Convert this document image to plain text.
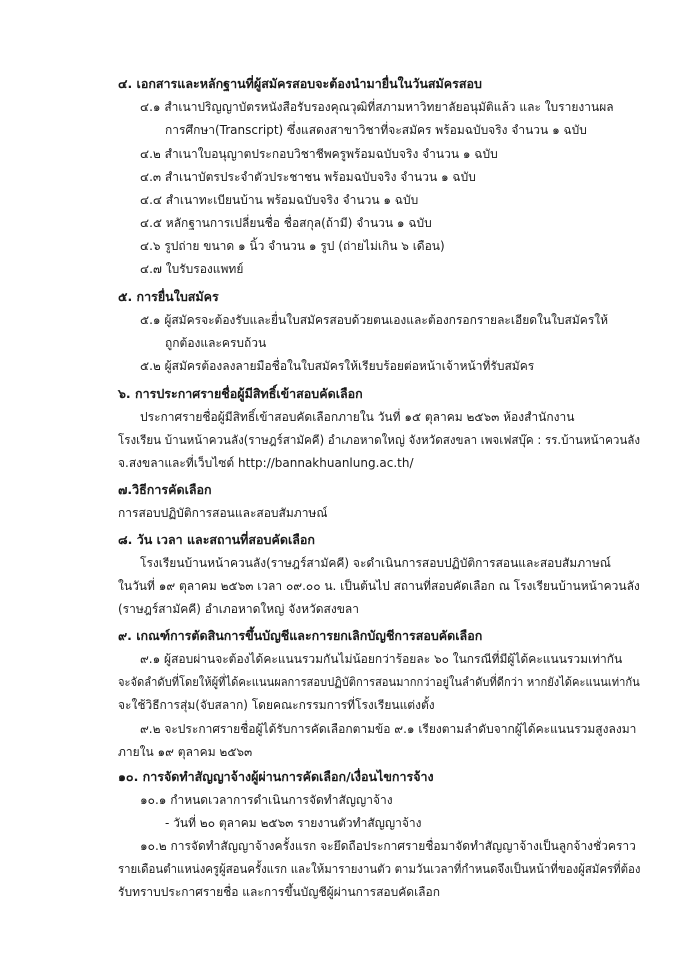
๔. เอกสารและหลักฐานที่ผู้สมัครสอบจะต้องนำมายื่นในวันสมัครสอบ
๔.๑ สำเนาปริญญาบัตรหนังสือรับรองคุณวุฒิที่สภามหาวิทยาลัยอนุมัติแล้ว และ ใบรายงานผล
การศึกษา(Transcript) ซึ่งแสดงสาขาวิชาที่จะสมัคร พร้อมฉบับจริง จำนวน ๑ ฉบับ
๔.๒ สำเนาใบอนุญาตประกอบวิชาชีพครูพร้อมฉบับจริง จำนวน ๑ ฉบับ
๔.๓ สำเนาบัตรประจำตัวประชาชน พร้อมฉบับจริง จำนวน ๑ ฉบับ
๔.๔ สำเนาทะเบียนบ้าน พร้อมฉบับจริง จำนวน ๑ ฉบับ
๔.๕ หลักฐานการเปลี่ยนชื่อ ชื่อสกุล(ถ้ามี) จำนวน ๑ ฉบับ
๔.๖ รูปถ่าย ขนาด ๑ นิ้ว จำนวน ๑ รูป (ถ่ายไม่เกิน ๖ เดือน)
๔.๗ ใบรับรองแพทย์
๕. การยื่นใบสมัคร
๕.๑ ผู้สมัครจะต้องรับและยื่นใบสมัครสอบด้วยตนเองและต้องกรอกรายละเอียดในใบสมัครให้
ถูกต้องและครบถ้วน
๕.๒ ผู้สมัครต้องลงลายมือชื่อในใบสมัครให้เรียบร้อยต่อหน้าเจ้าหน้าที่รับสมัคร
๖. การประกาศรายชื่อผู้มีสิทธิ์เข้าสอบคัดเลือก
ประกาศรายชื่อผู้มีสิทธิ์เข้าสอบคัดเลือกภายใน วันที่ ๑๕ ตุลาคม ๒๕๖๓ ห้องสำนักงาน
โรงเรียน บ้านหน้าควนลัง(ราษฎร์สามัคคี) อำเภอหาดใหญ่ จังหวัดสงขลา เพจเฟสบุ๊ค : รร.บ้านหน้าควนลัง
จ.สงขลาและที่เว็บไซต์ http://bannakhuanlung.ac.th/
๗.วิธีการคัดเลือก
การสอบปฏิบัติการสอนและสอบสัมภาษณ์
๘. วัน เวลา และสถานที่สอบคัดเลือก
โรงเรียนบ้านหน้าควนลัง(ราษฎร์สามัคคี) จะดำเนินการสอบปฏิบัติการสอนและสอบสัมภาษณ์
ในวันที่ ๑๙ ตุลาคม ๒๕๖๓ เวลา ๐๙.๐๐ น. เป็นต้นไป สถานที่สอบคัดเลือก ณ โรงเรียนบ้านหน้าควนลัง
(ราษฎร์สามัคคี) อำเภอหาดใหญ่ จังหวัดสงขลา
๙. เกณฑ์การตัดสินการขึ้นบัญชีและการยกเลิกบัญชีการสอบคัดเลือก
๙.๑ ผู้สอบผ่านจะต้องได้คะแนนรวมกันไม่น้อยกว่าร้อยละ ๖๐ ในกรณีที่มีผู้ได้คะแนนรวมเท่ากัน
จะจัดลำดับที่โดยให้ผู้ที่ได้คะแนนผลการสอบปฏิบัติการสอนมากกว่าอยู่ในลำดับที่ดีกว่า หากยังได้คะแนนเท่ากัน
จะใช้วิธีการสุ่ม(จับสลาก) โดยคณะกรรมการที่โรงเรียนแต่งตั้ง
๙.๒ จะประกาศรายชื่อผู้ได้รับการคัดเลือกตามข้อ ๙.๑ เรียงตามลำดับจากผู้ได้คะแนนรวมสูงลงมา
ภายใน ๑๙ ตุลาคม ๒๕๖๓
๑๐. การจัดทำสัญญาจ้างผู้ผ่านการคัดเลือก/เงื่อนไขการจ้าง
๑๐.๑ กำหนดเวลาการดำเนินการจัดทำสัญญาจ้าง
- วันที่ ๒๐ ตุลาคม ๒๕๖๓ รายงานตัวทำสัญญาจ้าง
๑๐.๒ การจัดทำสัญญาจ้างครั้งแรก จะยึดถือประกาศรายชื่อมาจัดทำสัญญาจ้างเป็นลูกจ้างชั่วคราว
รายเดือนตำแหน่งครูผู้สอนครั้งแรก และให้มารายงานตัว ตามวันเวลาที่กำหนดจึงเป็นหน้าที่ของผู้สมัครที่ต้อง
รับทราบประกาศรายชื่อ และการขึ้นบัญชีผู้ผ่านการสอบคัดเลือก
